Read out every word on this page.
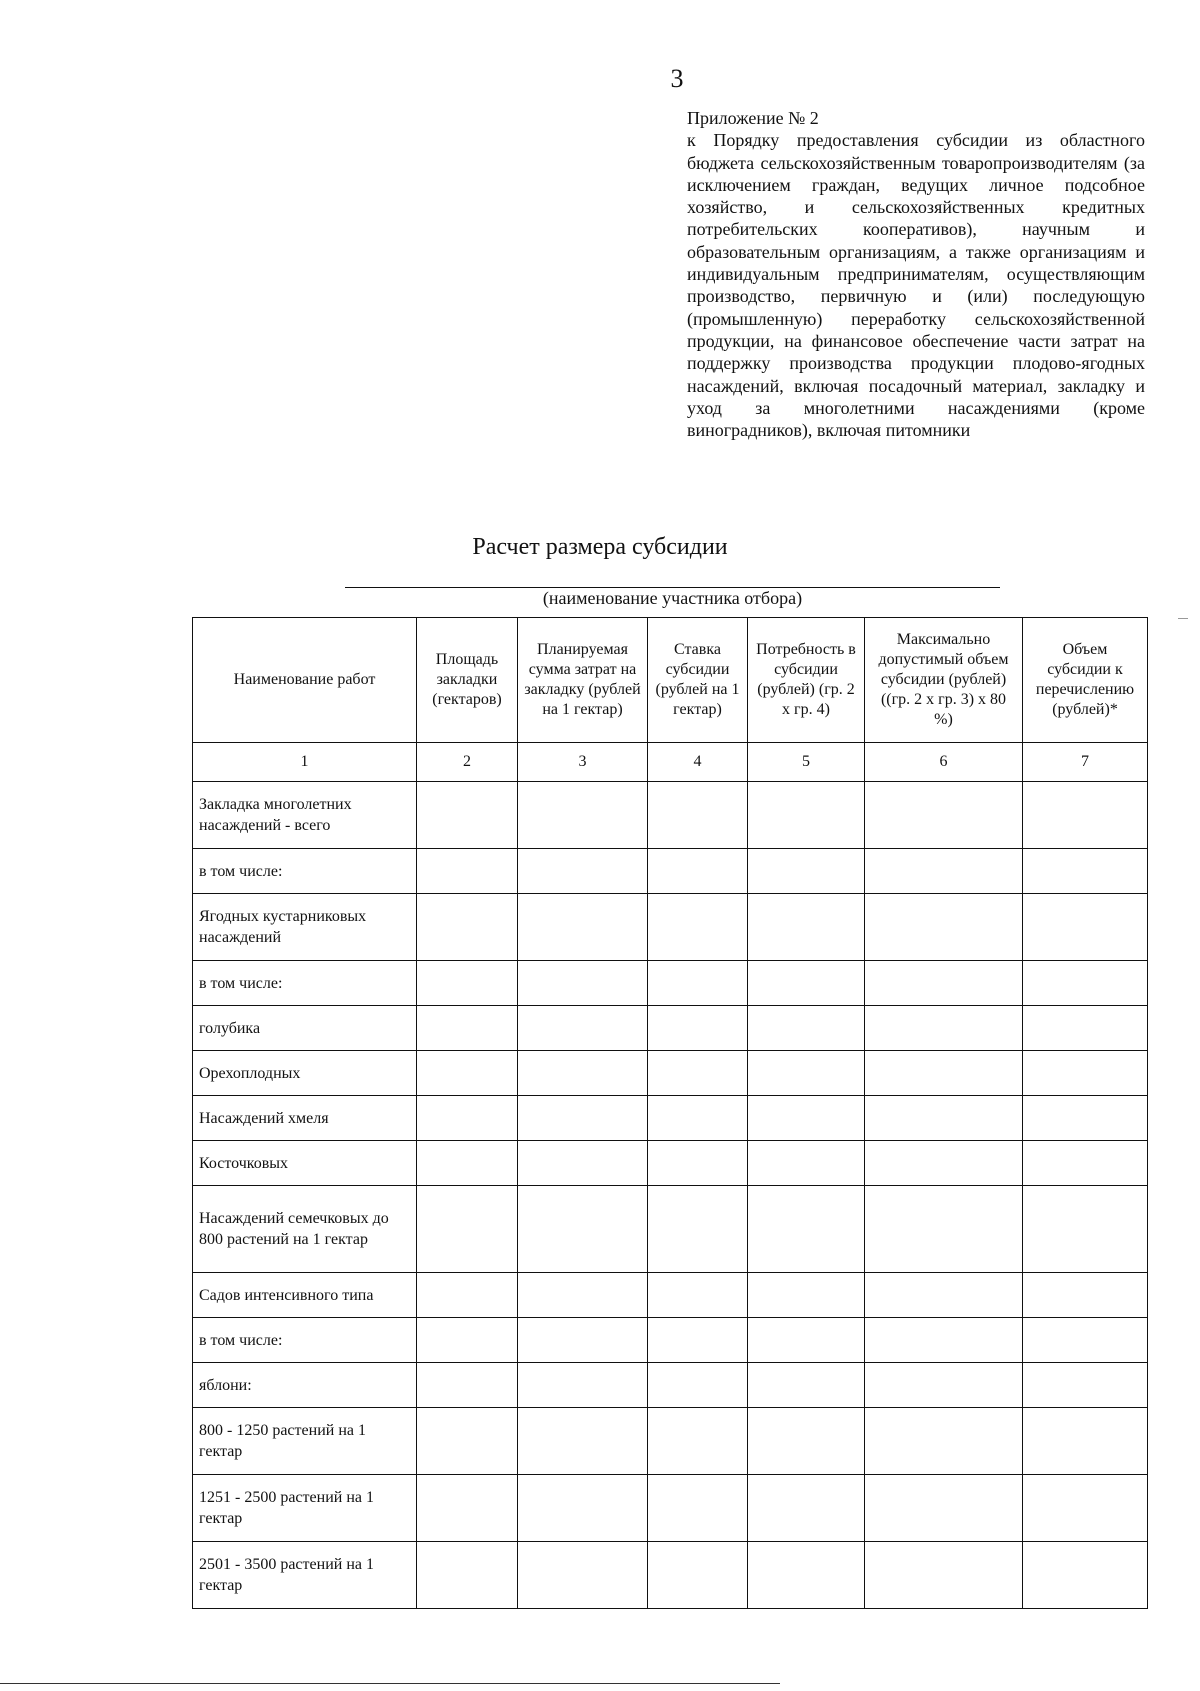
3
Приложение № 2
к Порядку предоставления субсидии из областного бюджета сельскохозяйственным товаропроизводителям (за исключением граждан, ведущих личное подсобное хозяйство, и сельскохозяйственных кредитных потребительских кооперативов), научным и образовательным организациям, а также организациям и индивидуальным предпринимателям, осуществляющим производство, первичную и (или) последующую (промышленную) переработку сельскохозяйственной продукции, на финансовое обеспечение части затрат на поддержку производства продукции плодово-ягодных насаждений, включая посадочный материал, закладку и уход за многолетними насаждениями (кроме виноградников), включая питомники
Расчет размера субсидии
(наименование участника отбора)
Наименование работ	Площадь закладки (гектаров)	Планируемая сумма затрат на закладку (рублей на 1 гектар)	Ставка субсидии (рублей на 1 гектар)	Потребность в субсидии (рублей) (гр. 2 х гр. 4)	Максимально допустимый объем субсидии (рублей) ((гр. 2 х гр. 3) х 80 %)	Объем субсидии к перечислению (рублей)*
1	2	3	4	5	6	7
Закладка многолетних насаждений - всего						
в том числе:						
Ягодных кустарниковых насаждений						
в том числе:						
голубика						
Орехоплодных						
Насаждений хмеля						
Косточковых						
Насаждений семечковых до 800 растений на 1 гектар						
Садов интенсивного типа						
в том числе:						
яблони:						
800 - 1250 растений на 1 гектар						
1251 - 2500 растений на 1 гектар						
2501 - 3500 растений на 1 гектар						
